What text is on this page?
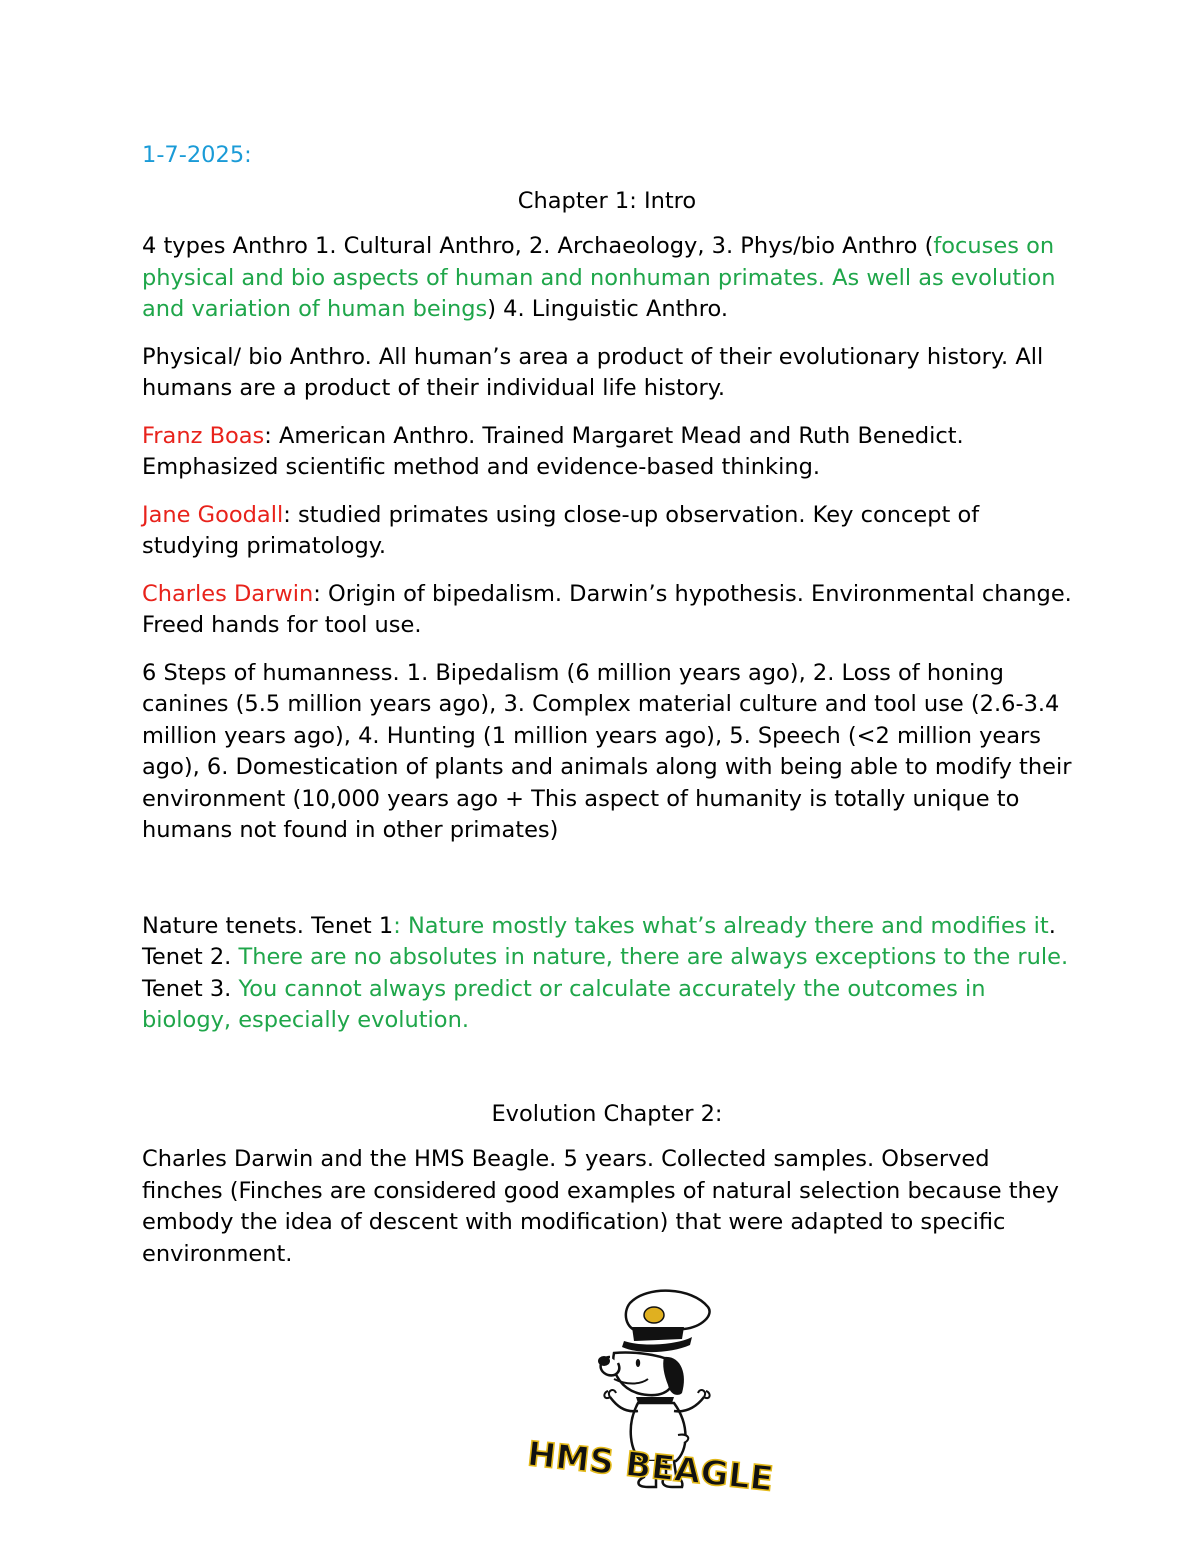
1-7-2025:

Chapter 1: Intro

4 types Anthro 1. Cultural Anthro, 2. Archaeology, 3. Phys/bio Anthro (focuses on physical and bio aspects of human and nonhuman primates. As well as evolution and variation of human beings) 4. Linguistic Anthro.

Physical/ bio Anthro. All human’s area a product of their evolutionary history. All humans are a product of their individual life history.

Franz Boas: American Anthro. Trained Margaret Mead and Ruth Benedict. Emphasized scientific method and evidence-based thinking.

Jane Goodall: studied primates using close-up observation. Key concept of studying primatology.

Charles Darwin: Origin of bipedalism. Darwin’s hypothesis. Environmental change. Freed hands for tool use.

6 Steps of humanness. 1. Bipedalism (6 million years ago), 2. Loss of honing canines (5.5 million years ago), 3. Complex material culture and tool use (2.6-3.4 million years ago), 4. Hunting (1 million years ago), 5. Speech (<2 million years ago), 6. Domestication of plants and animals along with being able to modify their environment (10,000 years ago + This aspect of humanity is totally unique to humans not found in other primates)

Nature tenets. Tenet 1: Nature mostly takes what’s already there and modifies it. Tenet 2. There are no absolutes in nature, there are always exceptions to the rule.  Tenet 3. You cannot always predict or calculate accurately the outcomes in biology, especially evolution.

Evolution Chapter 2:

Charles Darwin and the HMS Beagle. 5 years. Collected samples. Observed finches (Finches are considered good examples of natural selection because they embody the idea of descent with modification) that were adapted to specific environment.

HMS BEAGLE
